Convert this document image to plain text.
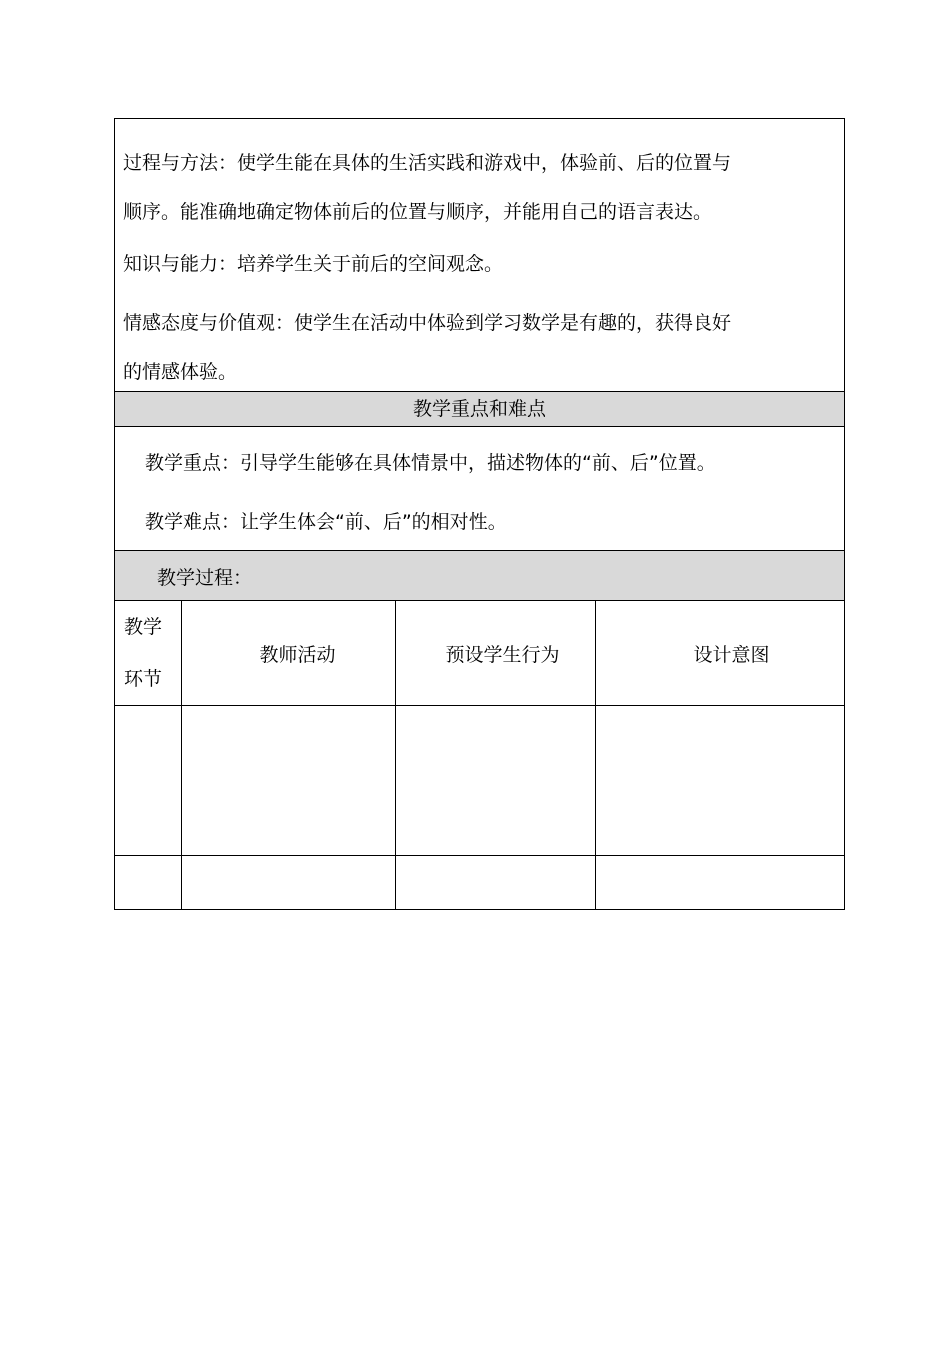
过程与方法：使学生能在具体的生活实践和游戏中，体验前、后的位置与
顺序。能准确地确定物体前后的位置与顺序，并能用自己的语言表达。

知识与能力：培养学生关于前后的空间观念。

情感态度与价值观：使学生在活动中体验到学习数学是有趣的，获得良好
的情感体验。

教学重点和难点

教学重点：引导学生能够在具体情景中，描述物体的“前、后”位置。

教学难点：让学生体会“前、后”的相对性。

教学过程：
教学
环节	教师活动	预设学生行为	设计意图
